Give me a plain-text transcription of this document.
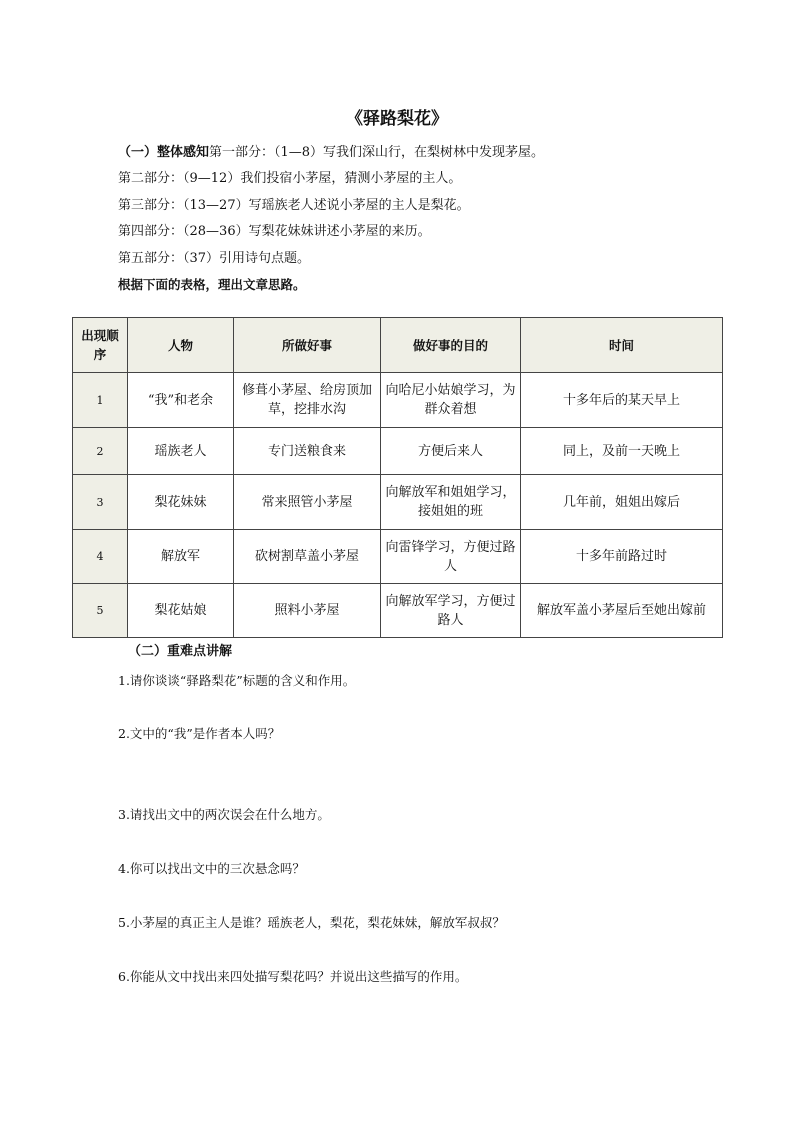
《驿路梨花》
（一）整体感知第一部分：（1—8）写我们深山行，在梨树林中发现茅屋。
第二部分：（9—12）我们投宿小茅屋，猜测小茅屋的主人。
第三部分：（13—27）写瑶族老人述说小茅屋的主人是梨花。
第四部分：（28—36）写梨花妹妹讲述小茅屋的来历。
第五部分：（37）引用诗句点题。
根据下面的表格，理出文章思路。
出现顺序	人物	所做好事	做好事的目的	时间
1	“我”和老余	修葺小茅屋、给房顶加草，挖排水沟	向哈尼小姑娘学习，为群众着想	十多年后的某天早上
2	瑶族老人	专门送粮食来	方便后来人	同上，及前一天晚上
3	梨花妹妹	常来照管小茅屋	向解放军和姐姐学习，接姐姐的班	几年前，姐姐出嫁后
4	解放军	砍树割草盖小茅屋	向雷锋学习，方便过路人	十多年前路过时
5	梨花姑娘	照料小茅屋	向解放军学习，方便过路人	解放军盖小茅屋后至她出嫁前
（二）重难点讲解
1.请你谈谈“驿路梨花”标题的含义和作用。
2.文中的“我”是作者本人吗？
3.请找出文中的两次误会在什么地方。
4.你可以找出文中的三次悬念吗？
5.小茅屋的真正主人是谁？瑶族老人，梨花，梨花妹妹，解放军叔叔？
6.你能从文中找出来四处描写梨花吗？并说出这些描写的作用。
